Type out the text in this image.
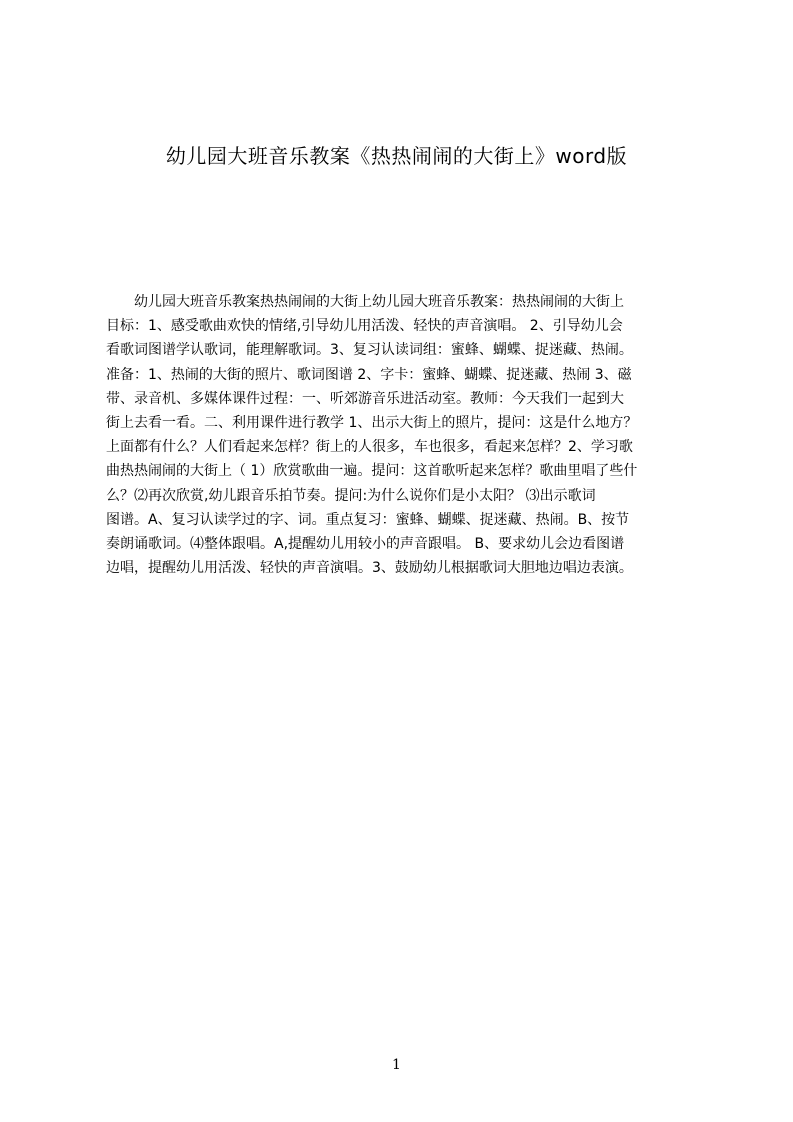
幼儿园大班音乐教案《热热闹闹的大街上》word版
　　幼儿园大班音乐教案热热闹闹的大街上幼儿园大班音乐教案：热热闹闹的大街上
目标：1、感受歌曲欢快的情绪,引导幼儿用活泼、轻快的声音演唱。 2、引导幼儿会
看歌词图谱学认歌词，能理解歌词。3、复习认读词组：蜜蜂、蝴蝶、捉迷藏、热闹。
准备：1、热闹的大街的照片、歌词图谱 2、字卡：蜜蜂、蝴蝶、捉迷藏、热闹 3、磁
带、录音机、多媒体课件过程：一、听郊游音乐进活动室。教师：今天我们一起到大
街上去看一看。二、利用课件进行教学 1、出示大街上的照片，提问：这是什么地方？
上面都有什么？人们看起来怎样？街上的人很多，车也很多，看起来怎样？2、学习歌
曲热热闹闹的大街上（ 1）欣赏歌曲一遍。提问：这首歌听起来怎样？歌曲里唱了些什
么？⑵再次欣赏,幼儿跟音乐拍节奏。提问:为什么说你们是小太阳？ ⑶出示歌词
图谱。A、复习认读学过的字、词。重点复习：蜜蜂、蝴蝶、捉迷藏、热闹。B、按节
奏朗诵歌词。⑷整体跟唱。A,提醒幼儿用较小的声音跟唱。 B、要求幼儿会边看图谱
边唱，提醒幼儿用活泼、轻快的声音演唱。3、鼓励幼儿根据歌词大胆地边唱边表演。
1
